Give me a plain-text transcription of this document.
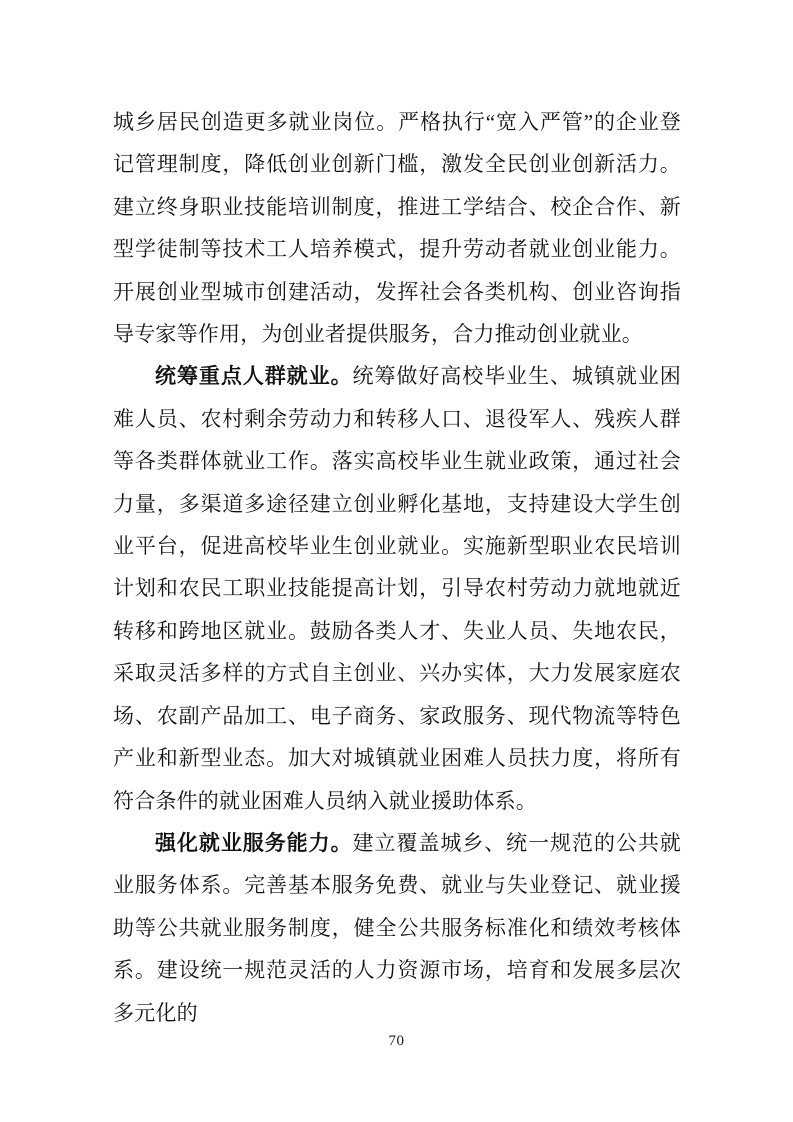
城乡居民创造更多就业岗位。严格执行“宽入严管”的企业登记管理制度，降低创业创新门槛，激发全民创业创新活力。建立终身职业技能培训制度，推进工学结合、校企合作、新型学徒制等技术工人培养模式，提升劳动者就业创业能力。开展创业型城市创建活动，发挥社会各类机构、创业咨询指导专家等作用，为创业者提供服务，合力推动创业就业。

统筹重点人群就业。统筹做好高校毕业生、城镇就业困难人员、农村剩余劳动力和转移人口、退役军人、残疾人群等各类群体就业工作。落实高校毕业生就业政策，通过社会力量，多渠道多途径建立创业孵化基地，支持建设大学生创业平台，促进高校毕业生创业就业。实施新型职业农民培训计划和农民工职业技能提高计划，引导农村劳动力就地就近转移和跨地区就业。鼓励各类人才、失业人员、失地农民，采取灵活多样的方式自主创业、兴办实体，大力发展家庭农场、农副产品加工、电子商务、家政服务、现代物流等特色产业和新型业态。加大对城镇就业困难人员扶力度，将所有符合条件的就业困难人员纳入就业援助体系。

强化就业服务能力。建立覆盖城乡、统一规范的公共就业服务体系。完善基本服务免费、就业与失业登记、就业援助等公共就业服务制度，健全公共服务标准化和绩效考核体系。建设统一规范灵活的人力资源市场，培育和发展多层次多元化的

70
